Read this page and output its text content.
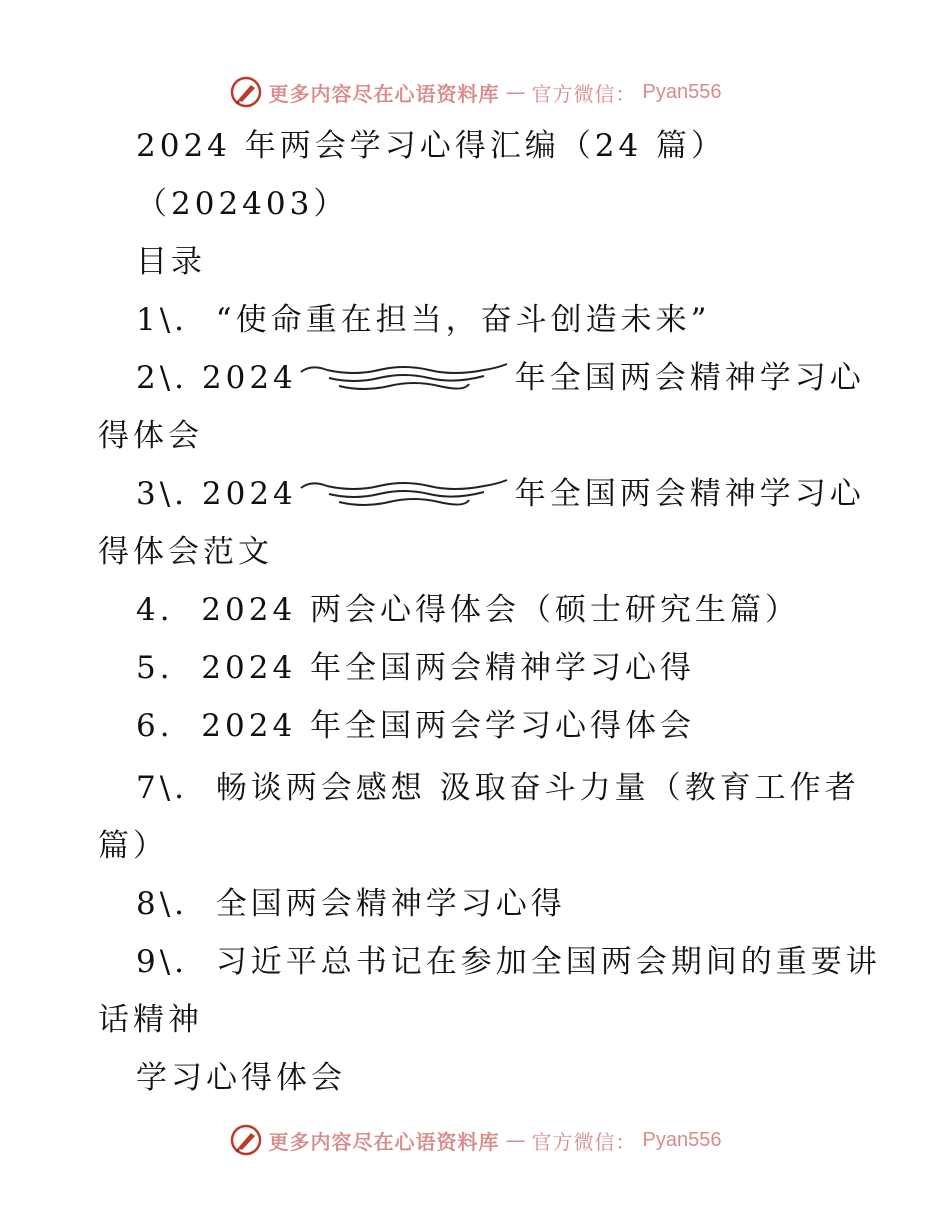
更多内容尽在心语资料库 — 官方微信： Pyan556
2024 年两会学习心得汇编（24 篇）
（202403）
目录
1\. “使命重在担当，奋斗创造未来”
2\. 2024	年全国两会精神学习心
得体会
3\. 2024	年全国两会精神学习心
得体会范文
4. 2024 两会心得体会（硕士研究生篇）
5. 2024 年全国两会精神学习心得
6. 2024 年全国两会学习心得体会
7\. 畅谈两会感想 汲取奋斗力量（教育工作者
篇）
8\. 全国两会精神学习心得
9\. 习近平总书记在参加全国两会期间的重要讲
话精神
学习心得体会
更多内容尽在心语资料库 — 官方微信： Pyan556
